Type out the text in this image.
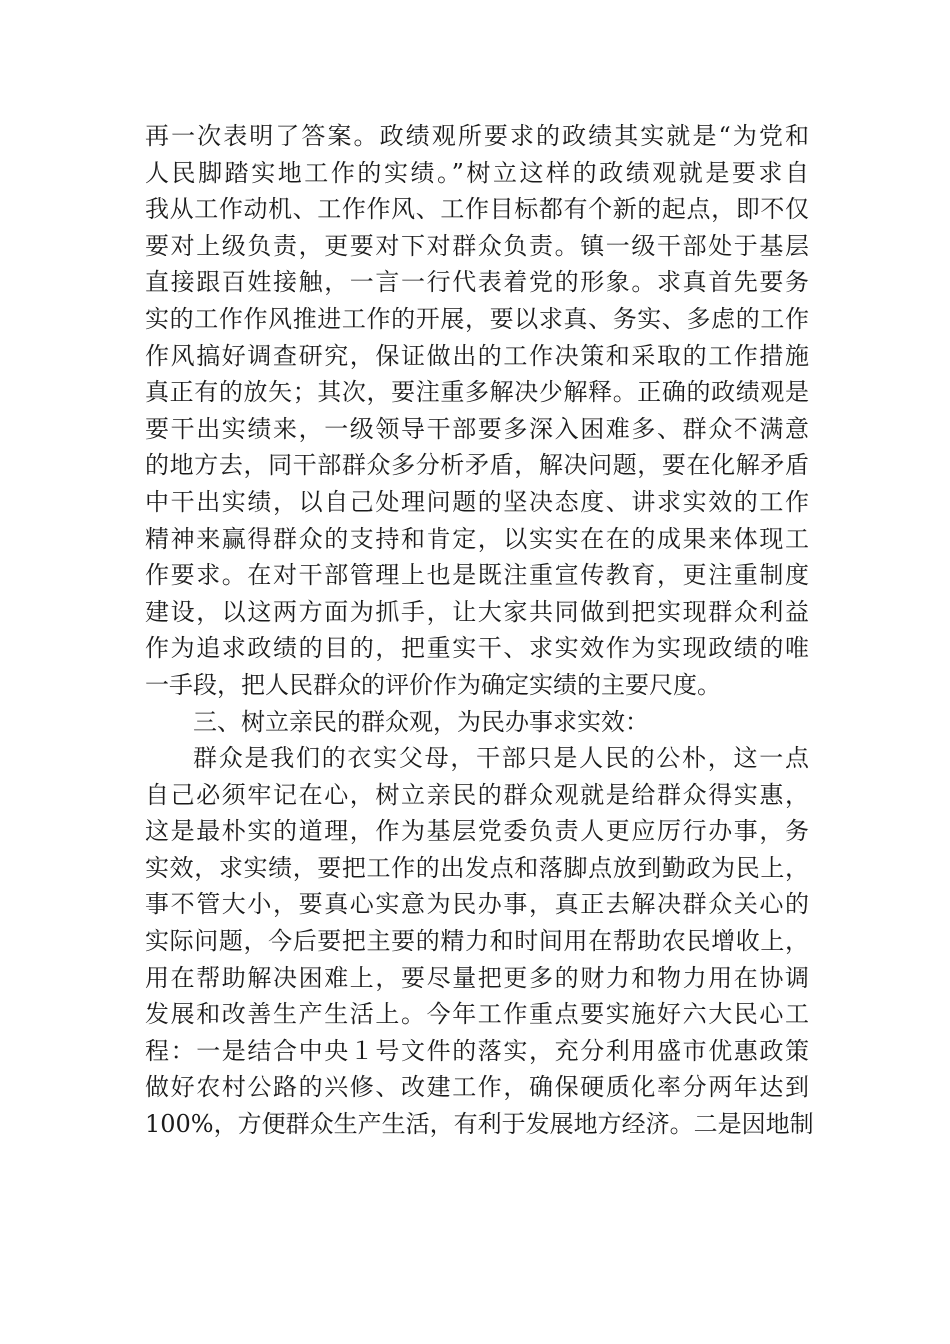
再一次表明了答案。政绩观所要求的政绩其实就是“为党和
人民脚踏实地工作的实绩。”树立这样的政绩观就是要求自
我从工作动机、工作作风、工作目标都有个新的起点，即不仅
要对上级负责，更要对下对群众负责。镇一级干部处于基层
直接跟百姓接触，一言一行代表着党的形象。求真首先要务
实的工作作风推进工作的开展，要以求真、务实、多虑的工作
作风搞好调查研究，保证做出的工作决策和采取的工作措施
真正有的放矢；其次，要注重多解决少解释。正确的政绩观是
要干出实绩来，一级领导干部要多深入困难多、群众不满意
的地方去，同干部群众多分析矛盾，解决问题，要在化解矛盾
中干出实绩，以自己处理问题的坚决态度、讲求实效的工作
精神来赢得群众的支持和肯定，以实实在在的成果来体现工
作要求。在对干部管理上也是既注重宣传教育，更注重制度
建设，以这两方面为抓手，让大家共同做到把实现群众利益
作为追求政绩的目的，把重实干、求实效作为实现政绩的唯
一手段，把人民群众的评价作为确定实绩的主要尺度。
三、树立亲民的群众观，为民办事求实效：
群众是我们的衣实父母，干部只是人民的公朴，这一点
自己必须牢记在心，树立亲民的群众观就是给群众得实惠，
这是最朴实的道理，作为基层党委负责人更应厉行办事，务
实效，求实绩，要把工作的出发点和落脚点放到勤政为民上，
事不管大小，要真心实意为民办事，真正去解决群众关心的
实际问题，今后要把主要的精力和时间用在帮助农民增收上，
用在帮助解决困难上，要尽量把更多的财力和物力用在协调
发展和改善生产生活上。今年工作重点要实施好六大民心工
程：一是结合中央１号文件的落实，充分利用盛市优惠政策
做好农村公路的兴修、改建工作，确保硬质化率分两年达到
100%，方便群众生产生活，有利于发展地方经济。二是因地制
